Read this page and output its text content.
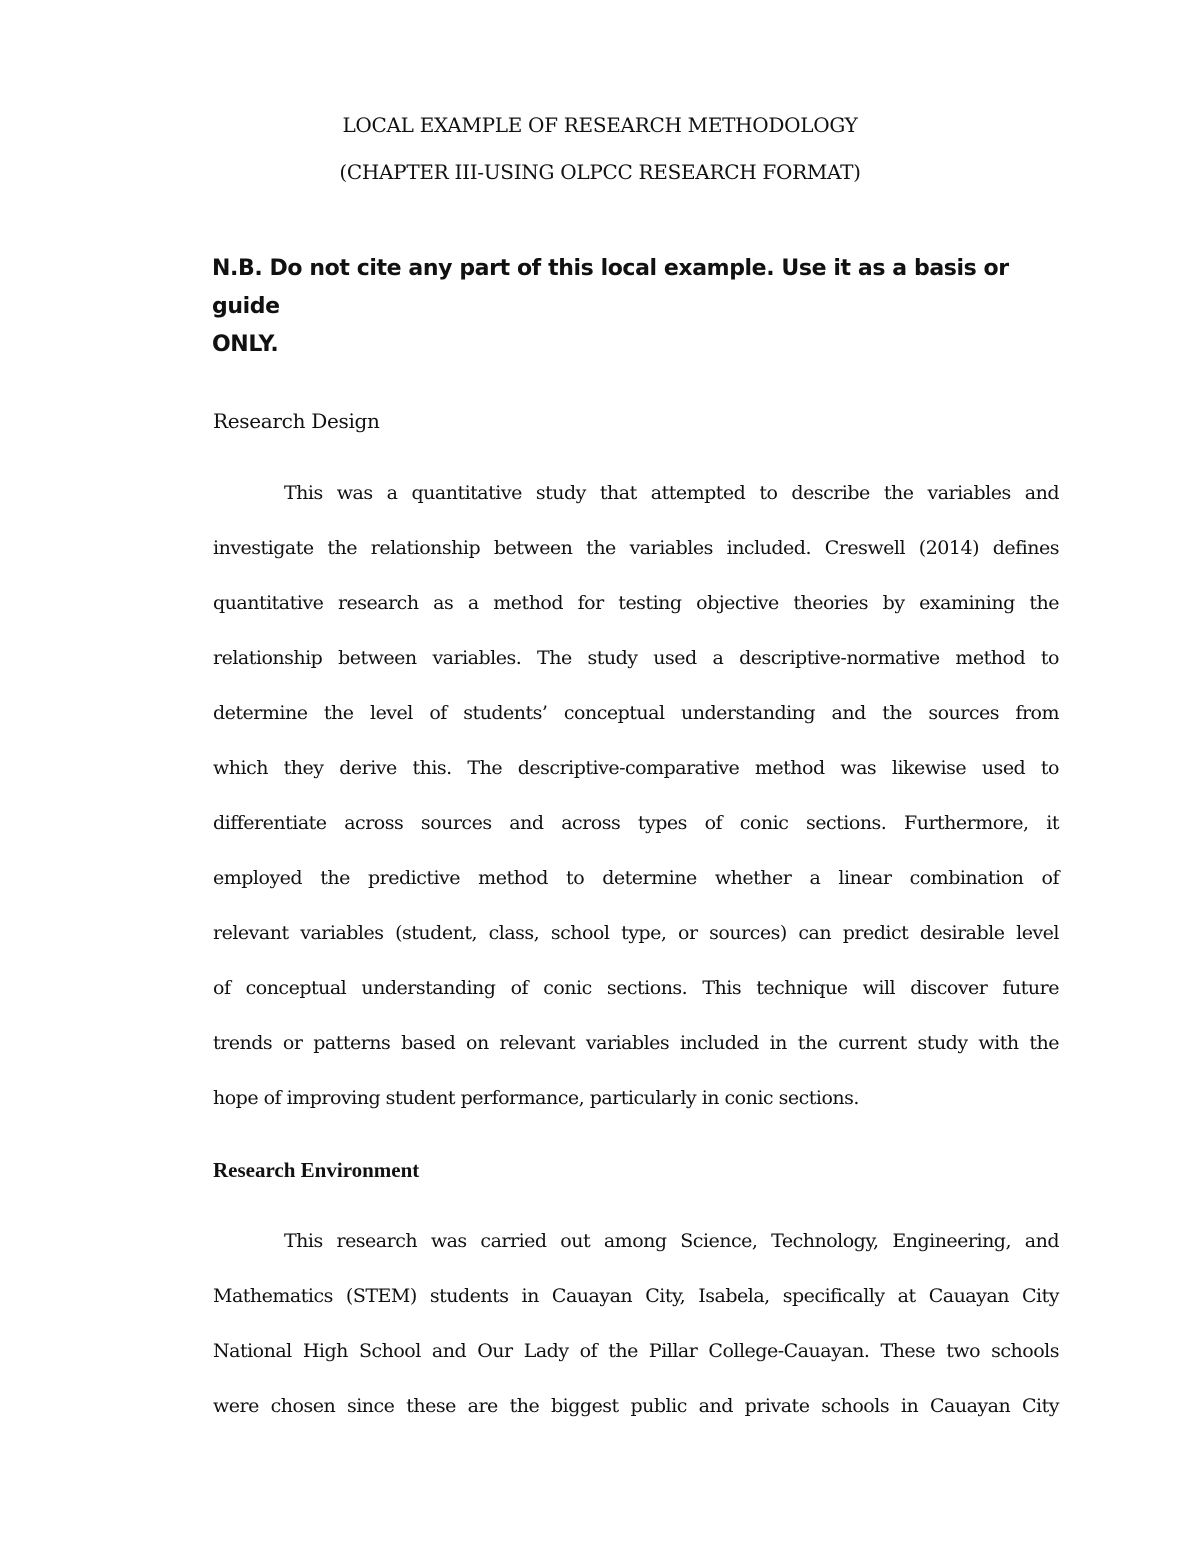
LOCAL EXAMPLE OF RESEARCH METHODOLOGY
(CHAPTER III-USING OLPCC RESEARCH FORMAT)
N.B. Do not cite any part of this local example. Use it as a basis or guide
ONLY.
Research Design
This was a quantitative study that attempted to describe the variables and
investigate the relationship between the variables included. Creswell (2014) defines
quantitative research as a method for testing objective theories by examining the
relationship between variables. The study used a descriptive-normative method to
determine the level of students’ conceptual understanding and the sources from
which they derive this. The descriptive-comparative method was likewise used to
differentiate across sources and across types of conic sections. Furthermore, it
employed the predictive method to determine whether a linear combination of
relevant variables (student, class, school type, or sources) can predict desirable level
of conceptual understanding of conic sections. This technique will discover future
trends or patterns based on relevant variables included in the current study with the
hope of improving student performance, particularly in conic sections.
Research Environment
This research was carried out among Science, Technology, Engineering, and
Mathematics (STEM) students in Cauayan City, Isabela, specifically at Cauayan City
National High School and Our Lady of the Pillar College-Cauayan. These two schools
were chosen since these are the biggest public and private schools in Cauayan City
